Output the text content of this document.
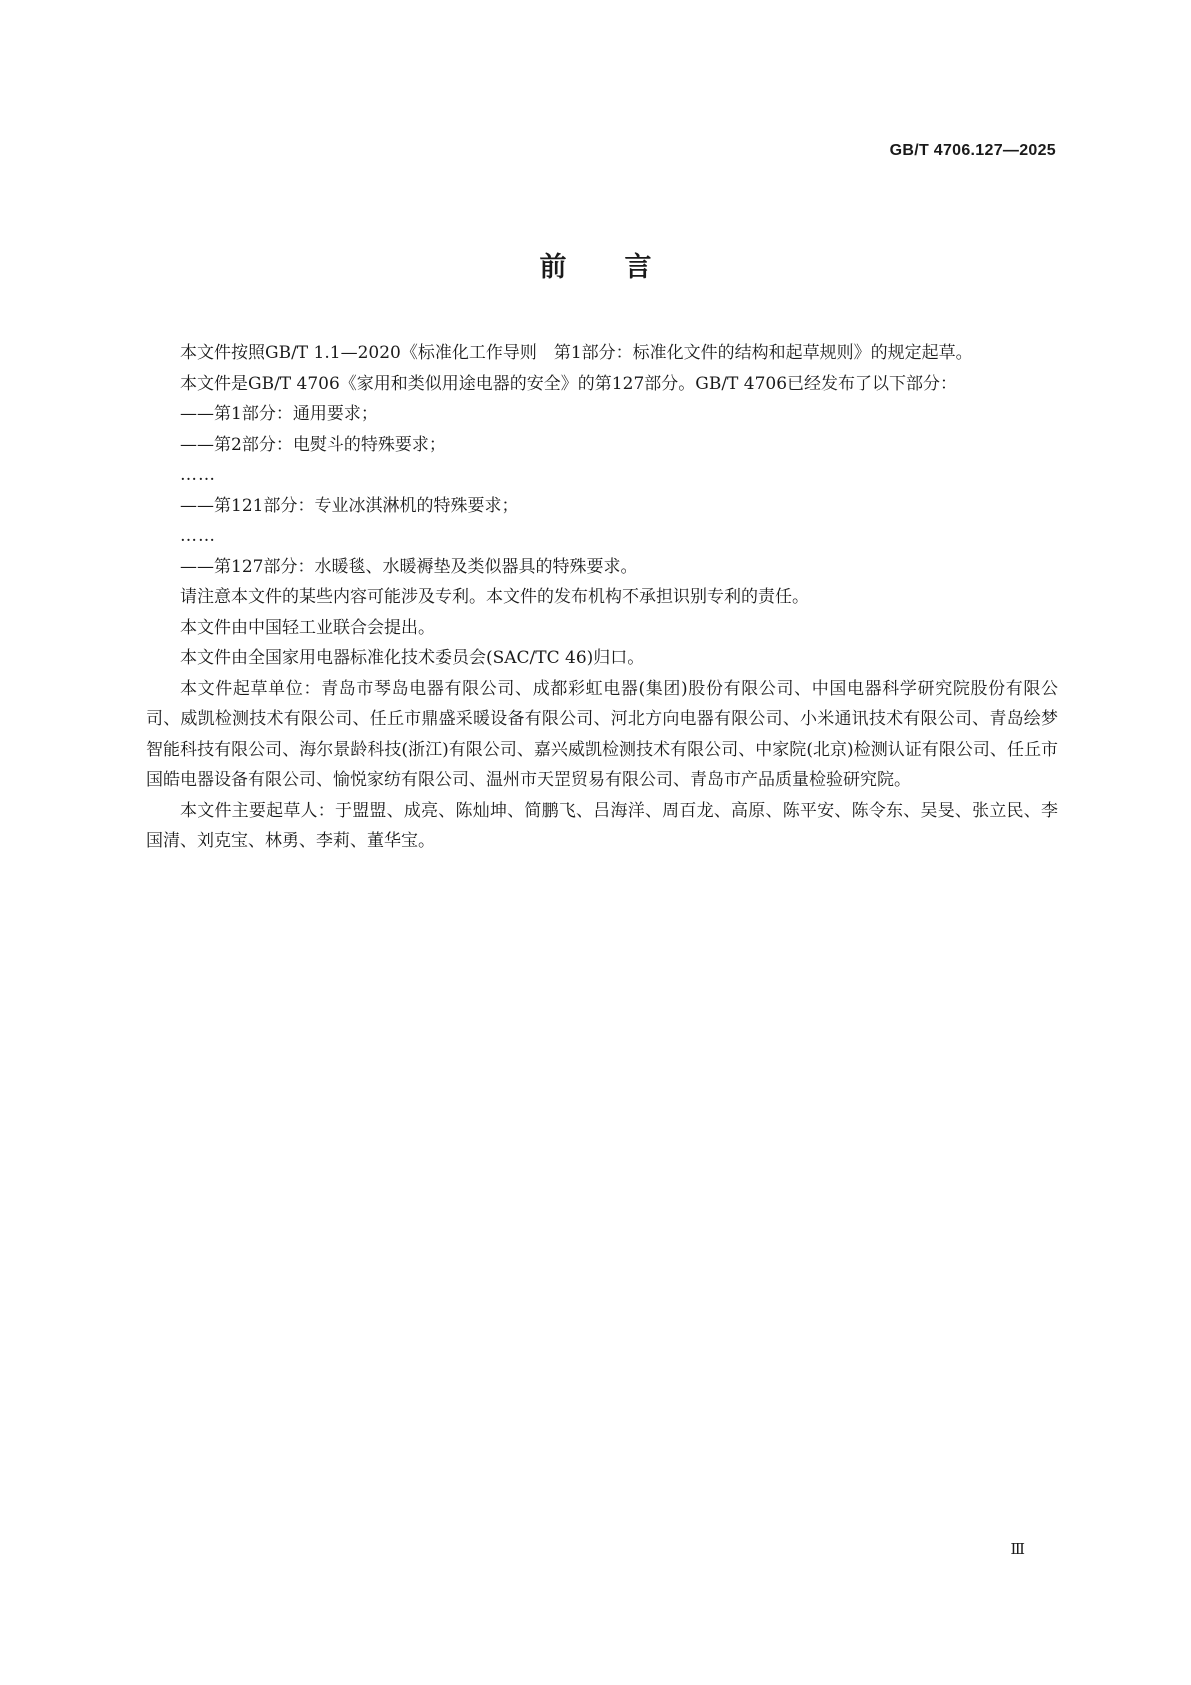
GB/T 4706.127—2025
前言

本文件按照GB/T 1.1—2020《标准化工作导则　第1部分：标准化文件的结构和起草规则》的规定起草。

本文件是GB/T 4706《家用和类似用途电器的安全》的第127部分。GB/T 4706已经发布了以下部分：

——第1部分：通用要求；

——第2部分：电熨斗的特殊要求；

……

——第121部分：专业冰淇淋机的特殊要求；

……

——第127部分：水暖毯、水暖褥垫及类似器具的特殊要求。

请注意本文件的某些内容可能涉及专利。本文件的发布机构不承担识别专利的责任。

本文件由中国轻工业联合会提出。

本文件由全国家用电器标准化技术委员会(SAC/TC 46)归口。

本文件起草单位：青岛市琴岛电器有限公司、成都彩虹电器(集团)股份有限公司、中国电器科学研究院股份有限公司、威凯检测技术有限公司、任丘市鼎盛采暖设备有限公司、河北方向电器有限公司、小米通讯技术有限公司、青岛绘梦智能科技有限公司、海尔景龄科技(浙江)有限公司、嘉兴威凯检测技术有限公司、中家院(北京)检测认证有限公司、任丘市国皓电器设备有限公司、愉悦家纺有限公司、温州市天罡贸易有限公司、青岛市产品质量检验研究院。

本文件主要起草人：于盟盟、成亮、陈灿坤、简鹏飞、吕海洋、周百龙、高原、陈平安、陈令东、吴旻、张立民、李国清、刘克宝、林勇、李莉、董华宝。

Ⅲ
